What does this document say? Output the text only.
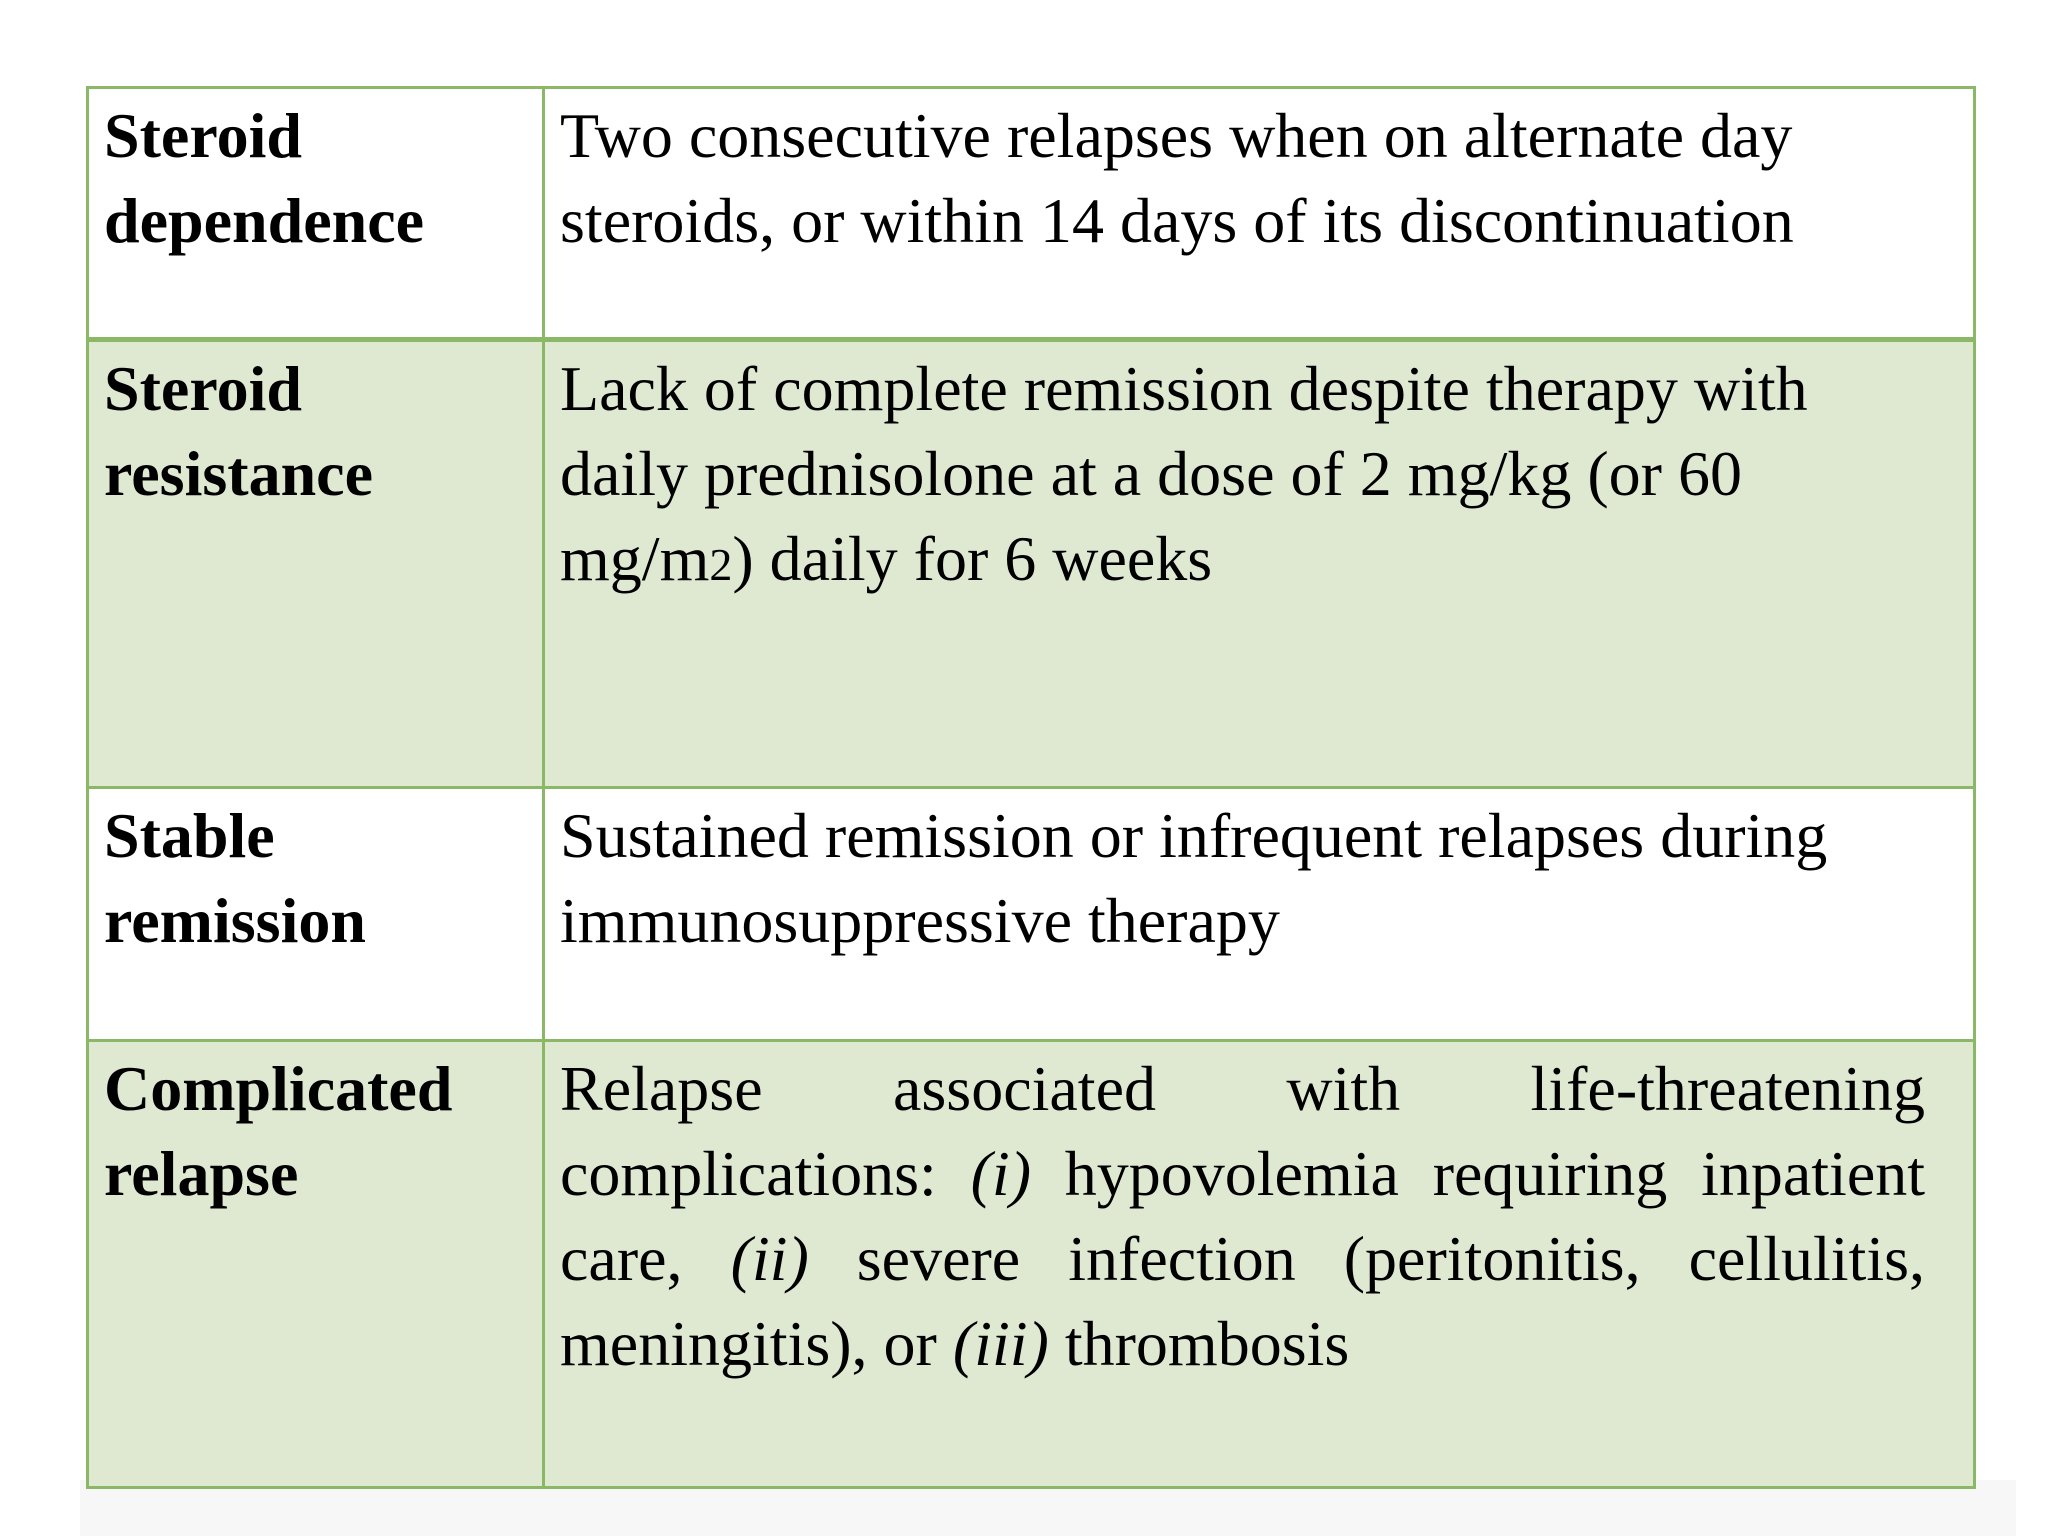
Steroid dependence	Two consecutive relapses when on alternate day steroids, or within 14 days of its discontinuation

Steroid resistance	Lack of complete remission despite therapy with daily prednisolone at a dose of 2 mg/kg (or 60 mg/m2) daily for 6 weeks

Stable remission	Sustained remission or infrequent relapses during immunosuppressive therapy

Complicated relapse	Relapse associated with life-threatening complications: (i) hypovolemia requiring inpatient care, (ii) severe infection (peritonitis, cellulitis, meningitis), or (iii) thrombosis
